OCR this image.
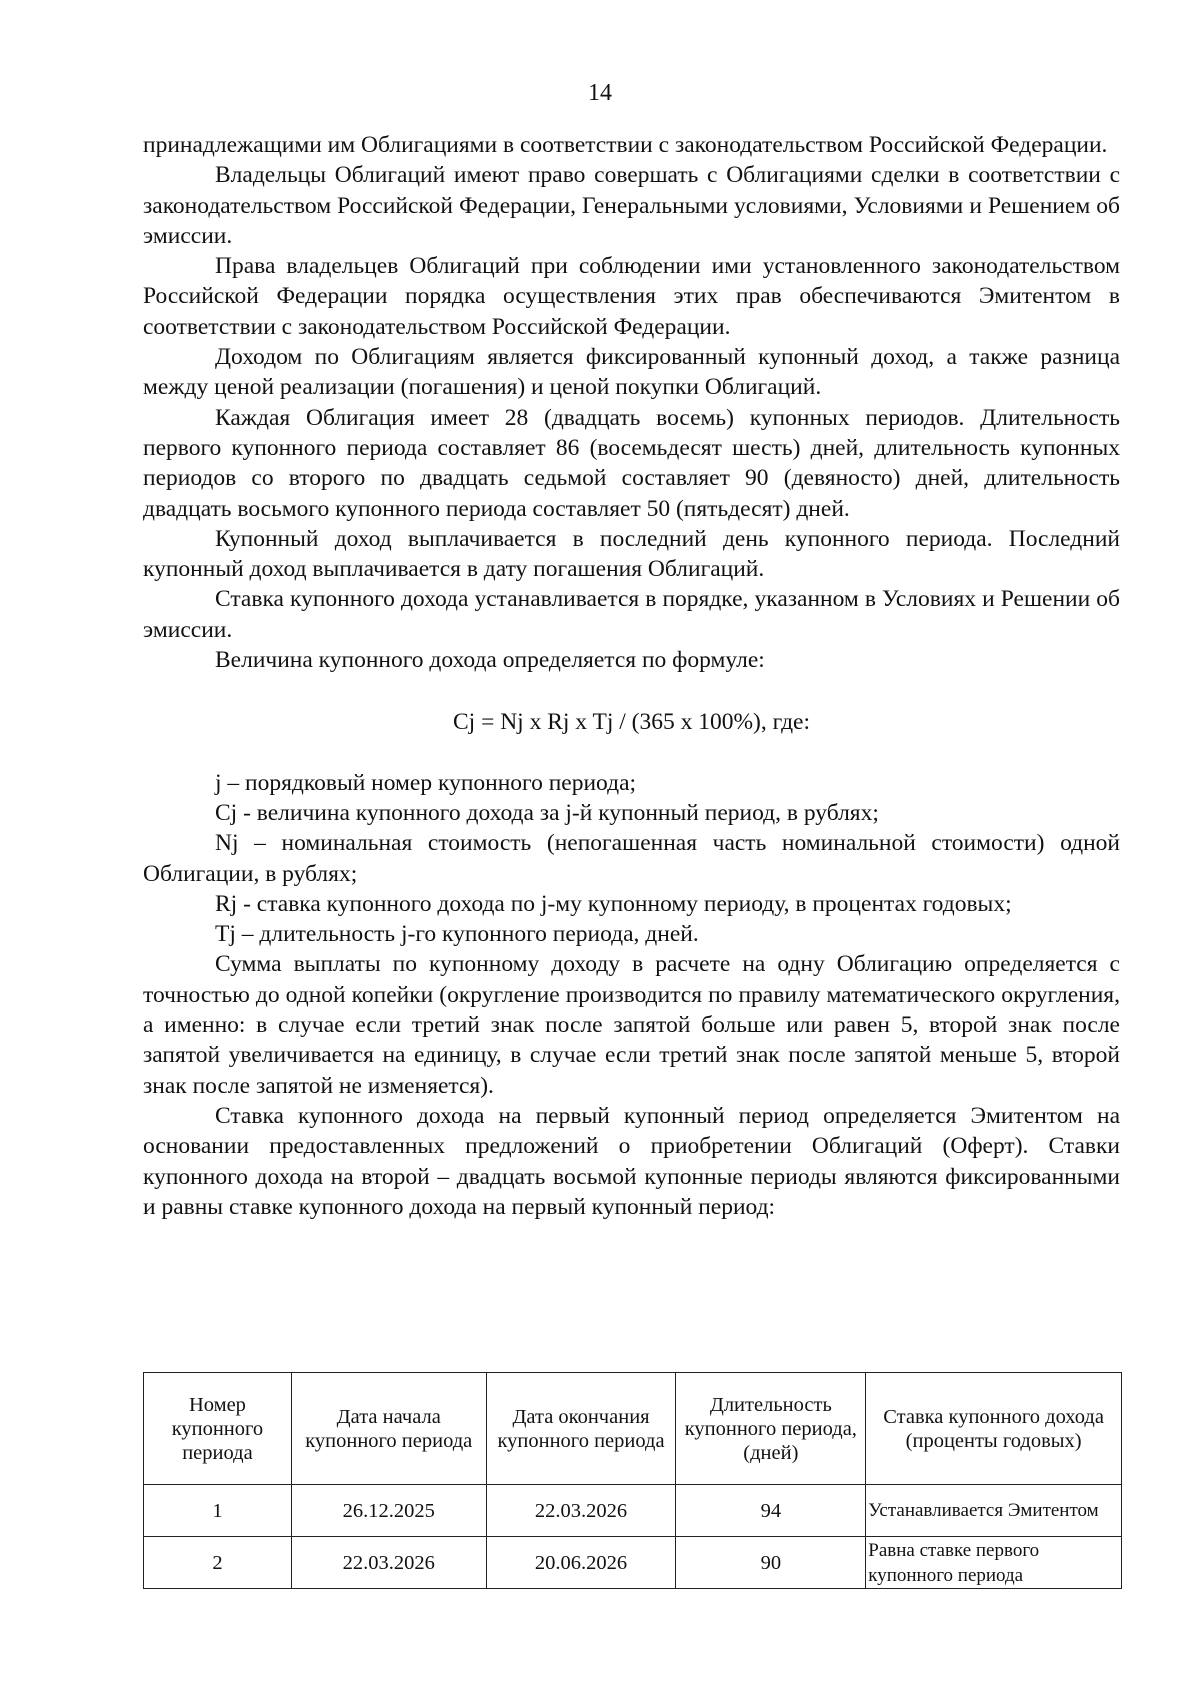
14

принадлежащими им Облигациями в соответствии с законодательством Российской Федерации.

Владельцы Облигаций имеют право совершать с Облигациями сделки в соответствии с законодательством Российской Федерации, Генеральными условиями, Условиями и Решением об эмиссии.

Права владельцев Облигаций при соблюдении ими установленного законодательством Российской Федерации порядка осуществления этих прав обеспечиваются Эмитентом в соответствии с законодательством Российской Федерации.

Доходом по Облигациям является фиксированный купонный доход, а также разница между ценой реализации (погашения) и ценой покупки Облигаций.

Каждая Облигация имеет 28 (двадцать восемь) купонных периодов. Длительность первого купонного периода составляет 86 (восемьдесят шесть) дней, длительность купонных периодов со второго по двадцать седьмой составляет 90 (девяносто) дней, длительность двадцать восьмого купонного периода составляет 50 (пятьдесят) дней.

Купонный доход выплачивается в последний день купонного периода. Последний купонный доход выплачивается в дату погашения Облигаций.

Ставка купонного дохода устанавливается в порядке, указанном в Условиях и Решении об эмиссии.

Величина купонного дохода определяется по формуле:

Cj = Nj x Rj x Tj / (365 x 100%), где:

j – порядковый номер купонного периода;

Cj - величина купонного дохода за j-й купонный период, в рублях;

Nj – номинальная стоимость (непогашенная часть номинальной стоимости) одной Облигации, в рублях;

Rj - ставка купонного дохода по j-му купонному периоду, в процентах годовых;

Tj – длительность j-го купонного периода, дней.

Сумма выплаты по купонному доходу в расчете на одну Облигацию определяется с точностью до одной копейки (округление производится по правилу математического округления, а именно: в случае если третий знак после запятой больше или равен 5, второй знак после запятой увеличивается на единицу, в случае если третий знак после запятой меньше 5, второй знак после запятой не изменяется).

Ставка купонного дохода на первый купонный период определяется Эмитентом на основании предоставленных предложений о приобретении Облигаций (Оферт). Ставки купонного дохода на второй – двадцать восьмой купонные периоды являются фиксированными и равны ставке купонного дохода на первый купонный период:

Номер купонного периода	Дата начала купонного периода	Дата окончания купонного периода	Длительность купонного периода, (дней)	Ставка купонного дохода (проценты годовых)
1	26.12.2025	22.03.2026	94	Устанавливается Эмитентом
2	22.03.2026	20.06.2026	90	Равна ставке первого купонного периода
